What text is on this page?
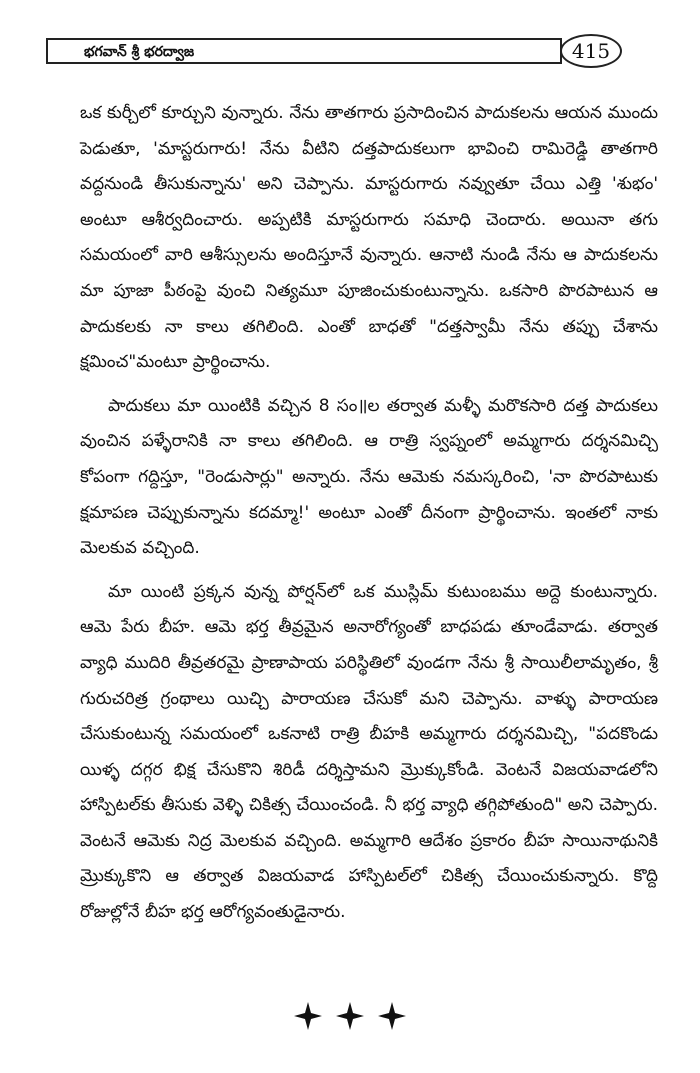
భగవాన్ శ్రీ భరద్వాజ	415

ఒక కుర్చీలో కూర్చుని వున్నారు. నేను తాతగారు ప్రసాదించిన పాదుకలను ఆయన ముందు పెడుతూ, 'మాస్టరుగారు! నేను వీటిని దత్తపాదుకలుగా భావించి రామిరెడ్డి తాతగారి వద్దనుండి తీసుకున్నాను' అని చెప్పాను. మాస్టరుగారు నవ్వుతూ చేయి ఎత్తి 'శుభం' అంటూ ఆశీర్వదించారు. అప్పటికి మాస్టరుగారు సమాధి చెందారు. అయినా తగు సమయంలో వారి ఆశీస్సులను అందిస్తూనే వున్నారు. ఆనాటి నుండి నేను ఆ పాదుకలను మా పూజా పీఠంపై వుంచి నిత్యమూ పూజించుకుంటున్నాను. ఒకసారి పొరపాటున ఆ పాదుకలకు నా కాలు తగిలింది. ఎంతో బాధతో "దత్తస్వామీ నేను తప్పు చేశాను క్షమించ"మంటూ ప్రార్థించాను.

పాదుకలు మా యింటికి వచ్చిన 8 సం॥ల తర్వాత మళ్ళీ మరొకసారి దత్త పాదుకలు వుంచిన పళ్ళేరానికి నా కాలు తగిలింది. ఆ రాత్రి స్వప్నంలో అమ్మగారు దర్శనమిచ్చి కోపంగా గద్దిస్తూ, "రెండుసార్లు" అన్నారు. నేను ఆమెకు నమస్కరించి, 'నా పొరపాటుకు క్షమాపణ చెప్పుకున్నాను కదమ్మా!' అంటూ ఎంతో దీనంగా ప్రార్థించాను. ఇంతలో నాకు మెలకువ వచ్చింది.

మా యింటి ప్రక్కన వున్న పోర్షన్‌లో ఒక ముస్లిమ్ కుటుంబము అద్దె కుంటున్నారు. ఆమె పేరు బీహ. ఆమె భర్త తీవ్రమైన అనారోగ్యంతో బాధపడు తూండేవాడు. తర్వాత వ్యాధి ముదిరి తీవ్రతరమై ప్రాణాపాయ పరిస్థితిలో వుండగా నేను శ్రీ సాయిలీలామృతం, శ్రీ గురుచరిత్ర గ్రంథాలు యిచ్చి పారాయణ చేసుకో మని చెప్పాను. వాళ్ళు పారాయణ చేసుకుంటున్న సమయంలో ఒకనాటి రాత్రి బీహకి అమ్మగారు దర్శనమిచ్చి, "పదకొండు యిళ్ళ దగ్గర భిక్ష చేసుకొని శిరిడీ దర్శిస్తామని మ్రొక్కుకోండి. వెంటనే విజయవాడలోని హాస్పిటల్‌కు తీసుకు వెళ్ళి చికిత్స చేయించండి. నీ భర్త వ్యాధి తగ్గిపోతుంది" అని చెప్పారు. వెంటనే ఆమెకు నిద్ర మెలకువ వచ్చింది. అమ్మగారి ఆదేశం ప్రకారం బీహ సాయినాథునికి మ్రొక్కుకొని ఆ తర్వాత విజయవాడ హాస్పిటల్‌లో చికిత్స చేయించుకున్నారు. కొద్ది రోజుల్లోనే బీహ భర్త ఆరోగ్యవంతుడైనారు.
